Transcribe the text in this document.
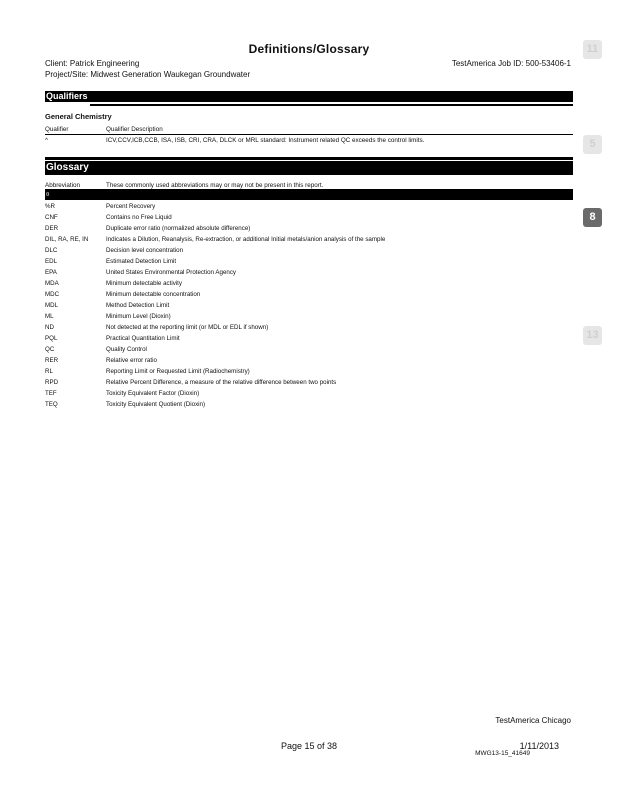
Definitions/Glossary
Client: Patrick Engineering	TestAmerica Job ID: 500-53406-1
Project/Site: Midwest Generation Waukegan Groundwater
Qualifiers
General Chemistry
Qualifier	Qualifier Description
^	ICV,CCV,ICB,CCB, ISA, ISB, CRI, CRA, DLCK or MRL standard: Instrument related QC exceeds the control limits.
Glossary
Abbreviation	These commonly used abbreviations may or may not be present in this report.
¤	Listed under the "D" column to designate that the result is reported on a dry weight basis
%R	Percent Recovery
CNF	Contains no Free Liquid
DER	Duplicate error ratio (normalized absolute difference)
DIL, RA, RE, IN	Indicates a Dilution, Reanalysis, Re-extraction, or additional Initial metals/anion analysis of the sample
DLC	Decision level concentration
EDL	Estimated Detection Limit
EPA	United States Environmental Protection Agency
MDA	Minimum detectable activity
MDC	Minimum detectable concentration
MDL	Method Detection Limit
ML	Minimum Level (Dioxin)
ND	Not detected at the reporting limit (or MDL or EDL if shown)
PQL	Practical Quantitation Limit
QC	Quality Control
RER	Relative error ratio
RL	Reporting Limit or Requested Limit (Radiochemistry)
RPD	Relative Percent Difference, a measure of the relative difference between two points
TEF	Toxicity Equivalent Factor (Dioxin)
TEQ	Toxicity Equivalent Quotient (Dioxin)
11
5
8
13
TestAmerica Chicago
Page 15 of 38	1/11/2013
MWG13-15_41649
